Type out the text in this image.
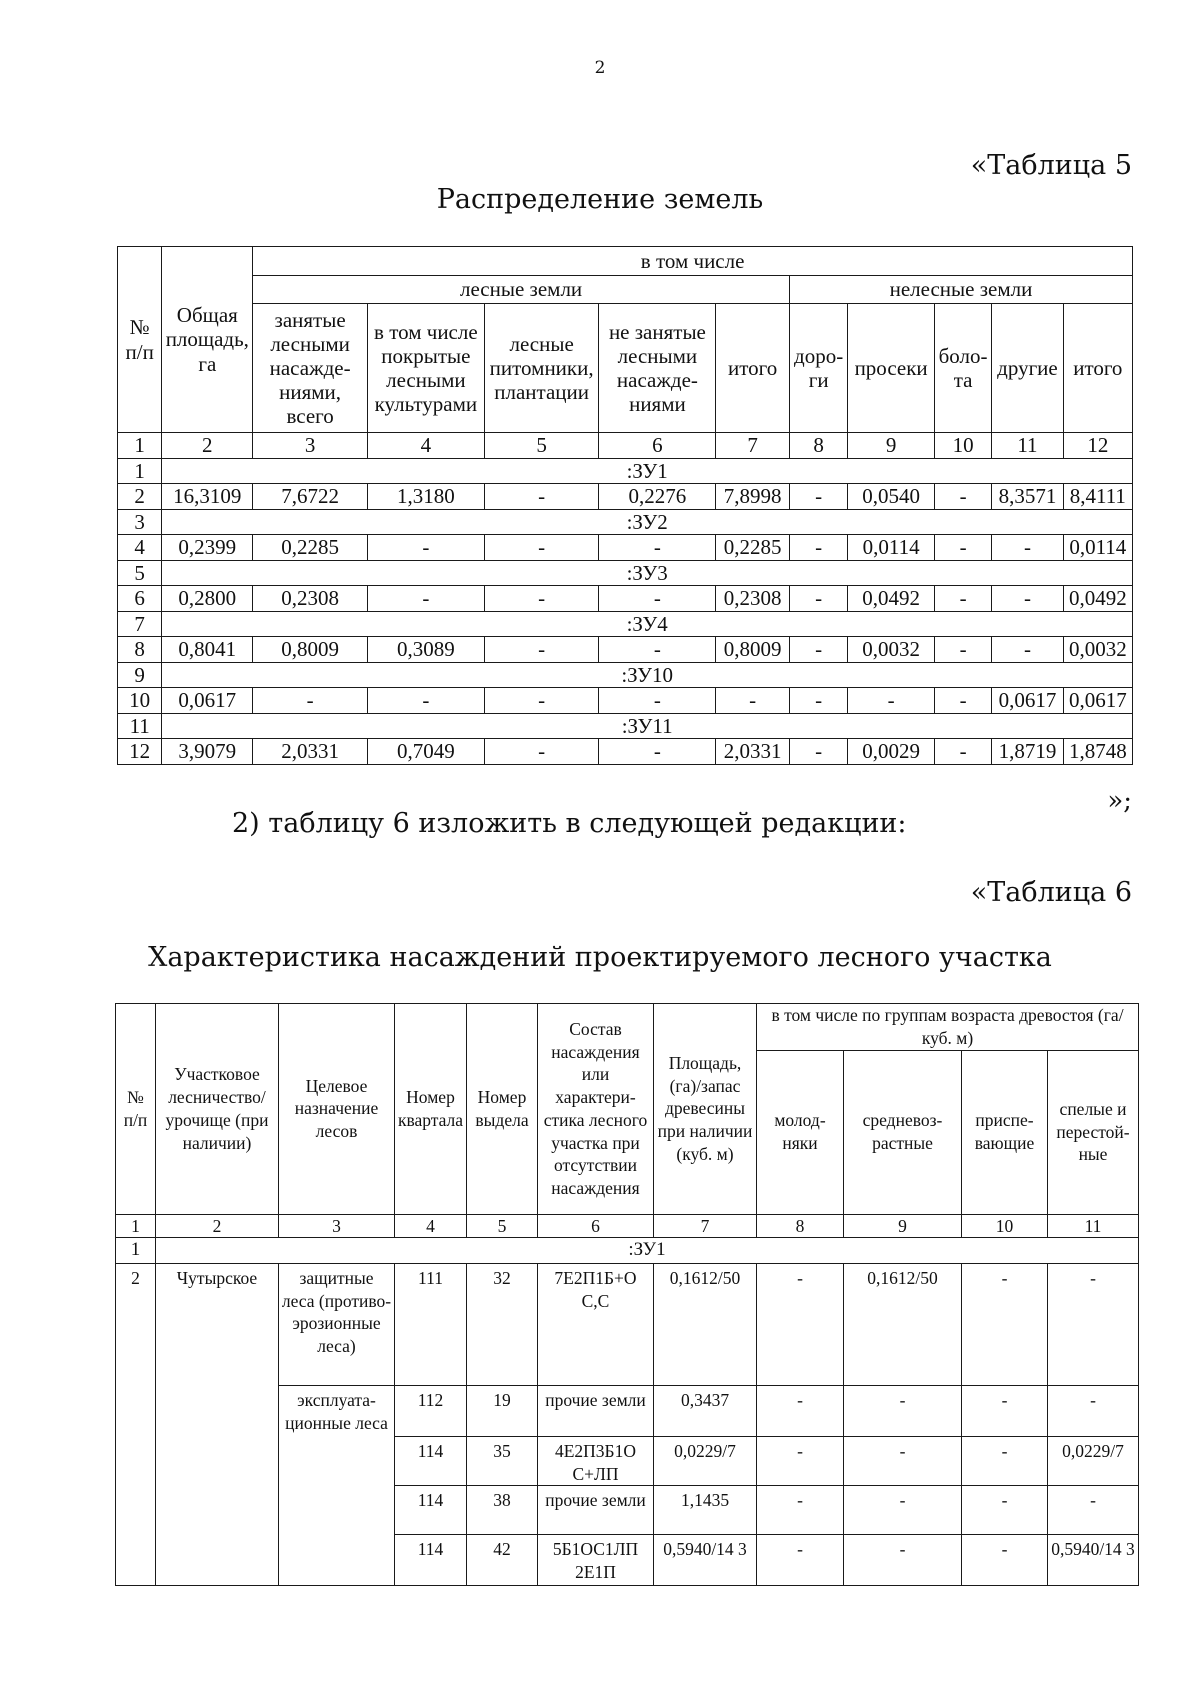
2
«Таблица 5
Распределение земель
№ п/п	Общая площадь, га	в том числе									
		лесные земли					нелесные земли				
		занятые лесными насажде-ниями, всего	в том числе покрытые лесными культурами	лесные питомники, плантации	не занятые лесными насажде-ниями	итого	доро-ги	просеки	боло-та	другие	итого
1	2	3	4	5	6	7	8	9	10	11	12
1	:ЗУ1										
2	16,3109	7,6722	1,3180	-	0,2276	7,8998	-	0,0540	-	8,3571	8,4111
3	:ЗУ2										
4	0,2399	0,2285	-	-	-	0,2285	-	0,0114	-	-	0,0114
5	:ЗУ3										
6	0,2800	0,2308	-	-	-	0,2308	-	0,0492	-	-	0,0492
7	:ЗУ4										
8	0,8041	0,8009	0,3089	-	-	0,8009	-	0,0032	-	-	0,0032
9	:ЗУ10										
10	0,0617	-	-	-	-	-	-	-	-	0,0617	0,0617
11	:ЗУ11										
12	3,9079	2,0331	0,7049	-	-	2,0331	-	0,0029	-	1,8719	1,8748
»;
2) таблицу 6 изложить в следующей редакции:
«Таблица 6
Характеристика насаждений проектируемого лесного участка
№ п/п	Участковое лесничество/ урочище (при наличии)	Целевое назначение лесов	Номер квартала	Номер выдела	Состав насаждения или характери-стика лесного участка при отсутствии насаждения	Площадь, (га)/запас древесины при наличии (куб. м)	в том числе по группам возраста древостоя (га/куб. м)			
							молод-няки	средневоз-растные	приспе-вающие	спелые и перестой-ные
1	2	3	4	5	6	7	8	9	10	11
1	:ЗУ1									
2	Чутырское	защитные леса (противо-эрозионные леса)	111	32	7Е2П1Б+О С,С	0,1612/50	-	0,1612/50	-	-
		эксплуата-ционные леса	112	19	прочие земли	0,3437	-	-	-	-
			114	35	4Е2П3Б1О С+ЛП	0,0229/7	-	-	-	0,0229/7
			114	38	прочие земли	1,1435	-	-	-	-
			114	42	5Б1ОС1ЛП 2Е1П	0,5940/14 3	-	-	-	0,5940/14 3
